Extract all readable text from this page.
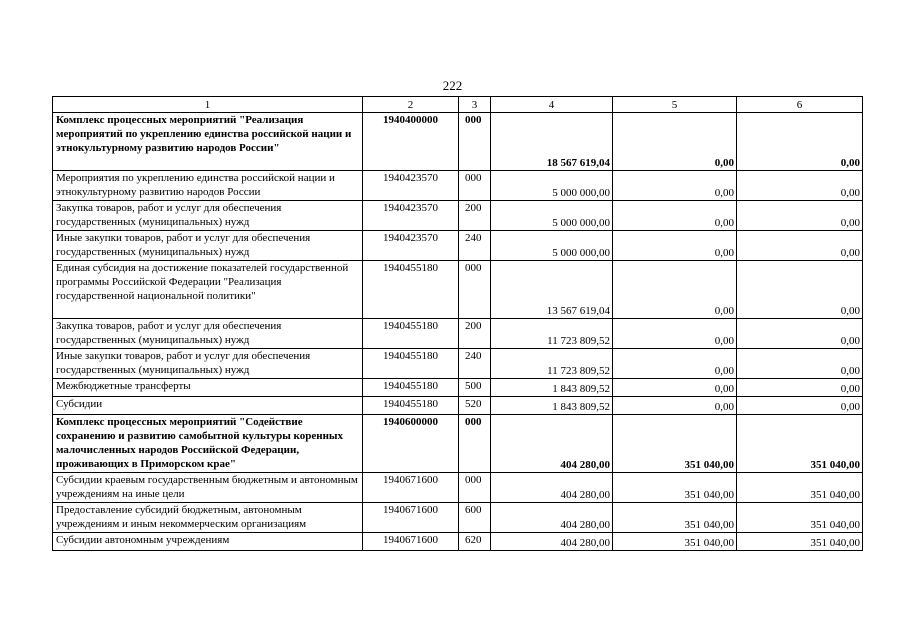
222
1	2	3	4	5	6
Комплекс процессных мероприятий "Реализация мероприятий по укреплению единства российской нации и этнокультурному развитию народов России"	1940400000	000	18 567 619,04	0,00	0,00
Мероприятия по укреплению единства российской нации и этнокультурному развитию народов России	1940423570	000	5 000 000,00	0,00	0,00
Закупка товаров, работ и услуг для обеспечения государственных (муниципальных) нужд	1940423570	200	5 000 000,00	0,00	0,00
Иные закупки товаров, работ и услуг для обеспечения государственных (муниципальных) нужд	1940423570	240	5 000 000,00	0,00	0,00
Единая субсидия на достижение показателей государственной программы Российской Федерации "Реализация государственной национальной политики"	1940455180	000	13 567 619,04	0,00	0,00
Закупка товаров, работ и услуг для обеспечения государственных (муниципальных) нужд	1940455180	200	11 723 809,52	0,00	0,00
Иные закупки товаров, работ и услуг для обеспечения государственных (муниципальных) нужд	1940455180	240	11 723 809,52	0,00	0,00
Межбюджетные трансферты	1940455180	500	1 843 809,52	0,00	0,00
Субсидии	1940455180	520	1 843 809,52	0,00	0,00
Комплекс процессных мероприятий "Содействие сохранению и развитию самобытной культуры коренных малочисленных народов Российской Федерации, проживающих в Приморском крае"	1940600000	000	404 280,00	351 040,00	351 040,00
Субсидии краевым государственным бюджетным и автономным учреждениям на иные цели	1940671600	000	404 280,00	351 040,00	351 040,00
Предоставление субсидий бюджетным, автономным учреждениям и иным некоммерческим организациям	1940671600	600	404 280,00	351 040,00	351 040,00
Субсидии автономным учреждениям	1940671600	620	404 280,00	351 040,00	351 040,00
